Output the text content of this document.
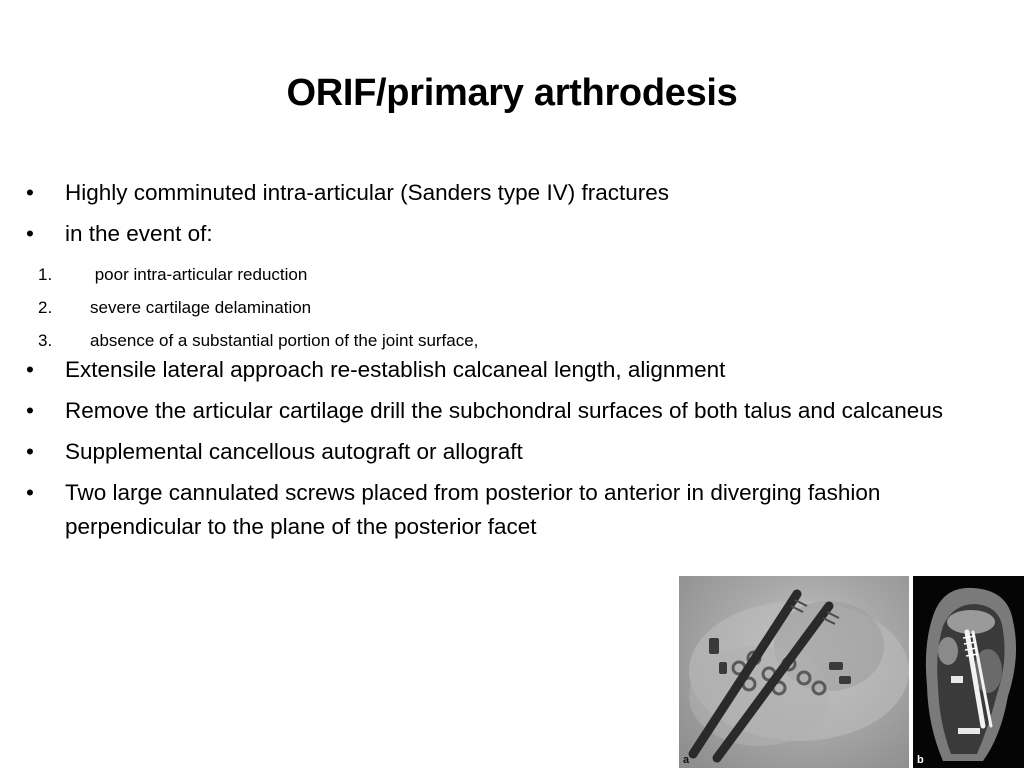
ORIF/primary arthrodesis
• Highly comminuted intra-articular (Sanders type IV) fractures
• in the event of:
1. poor intra-articular reduction
2. severe cartilage delamination
3. absence of a substantial portion of the joint surface,
• Extensile lateral approach re-establish calcaneal length, alignment
• Remove the articular cartilage drill the subchondral surfaces of both talus and calcaneus
• Supplemental cancellous autograft or allograft
• Two large cannulated screws placed from posterior to anterior in diverging fashion perpendicular to the plane of the posterior facet
a	b
